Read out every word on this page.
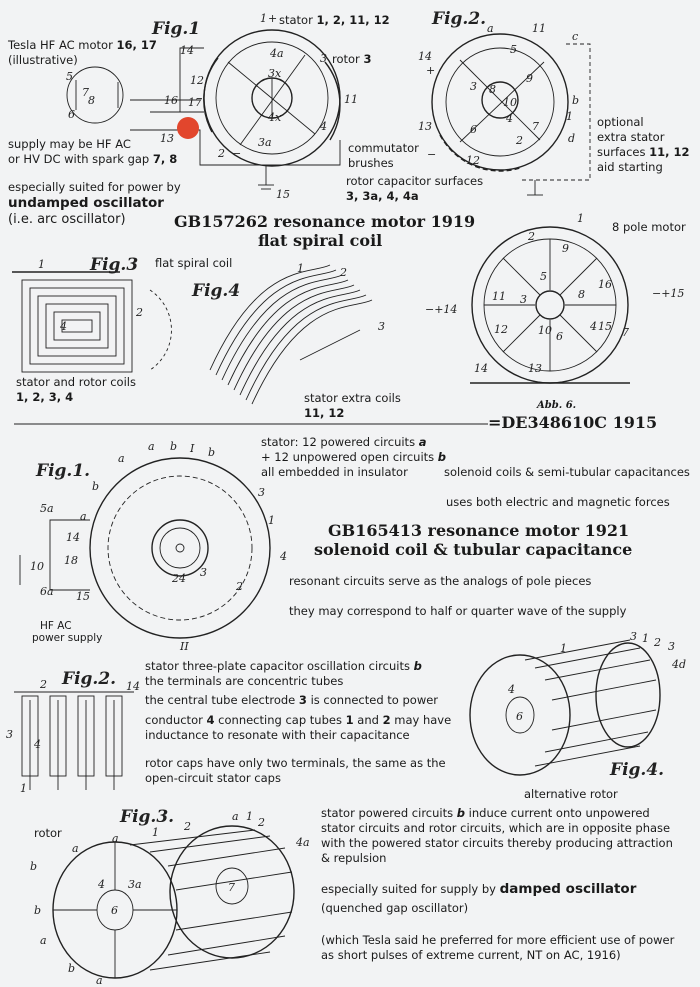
Fig.1
4a
3x
4x
3a
14
12
16 17
13
11
5
7
8
6
15
2 −
4
1 +
3
stator 1, 2, 11, 12
rotor 3
Tesla HF AC motor 16, 17
(illustrative)
supply may be HF AC
or HV DC with spark gap 7, 8
commutator
brushes
rotor capacitor surfaces
3, 3a, 4, 4a
especially suited for power by
undamped oscillator
(i.e. arc oscillator)
Fig.2. a	11
5
9
3 8
10
4
7
6
2
13
12
14
b
c
d
1
−
+
optional
extra stator
surfaces 11, 12
aid starting
GB157262 resonance motor 1919
flat spiral coil
Fig.3
1
2
4
Fig.4
1	2
3
flat spiral coil
stator and rotor coils
1, 2, 3, 4	stator extra coils
11, 12
1
2
3
4
5
6	7
8
9
10
11
12
13
14
15
16
−+14
−+15
8 pole motor
Abb. 6.
=DE348610C 1915
Fig.1.
a b I b
a
b
a
3
1
4
24 3
II
5a
14
10 18
15
6a	2
stator: 12 powered circuits a
+ 12 unpowered open circuits b
all embedded in insulator	solenoid coils & semi-tubular capacitances
uses both electric and magnetic forces
HF AC
power supply
GB165413 resonance motor 1921
solenoid coil & tubular capacitance
resonant circuits serve as the analogs of pole pieces
they may correspond to half or quarter wave of the supply
Fig.2.
2	14
3
4
1
stator three-plate capacitor oscillation circuits b
the terminals are concentric tubes
the central tube electrode 3 is connected to power
conductor 4 connecting cap tubes 1 and 2 may have
inductance to resonate with their capacitance
rotor caps have only two terminals, the same as the
open-circuit stator caps	Fig.4.
1
3 1 2 3
4d
4
6
alternative rotor
Fig.3.
a
b
a	1 2
3a
4
6
b
a
b
a
4a
a 2
1
7
rotor
stator powered circuits b induce current onto unpowered
stator circuits and rotor circuits, which are in opposite phase
with the powered stator circuits thereby producing attraction
& repulsion
especially suited for supply by damped oscillator
(quenched gap oscillator)
(which Tesla said he preferred for more efficient use of power
as short pulses of extreme current, NT on AC, 1916)
